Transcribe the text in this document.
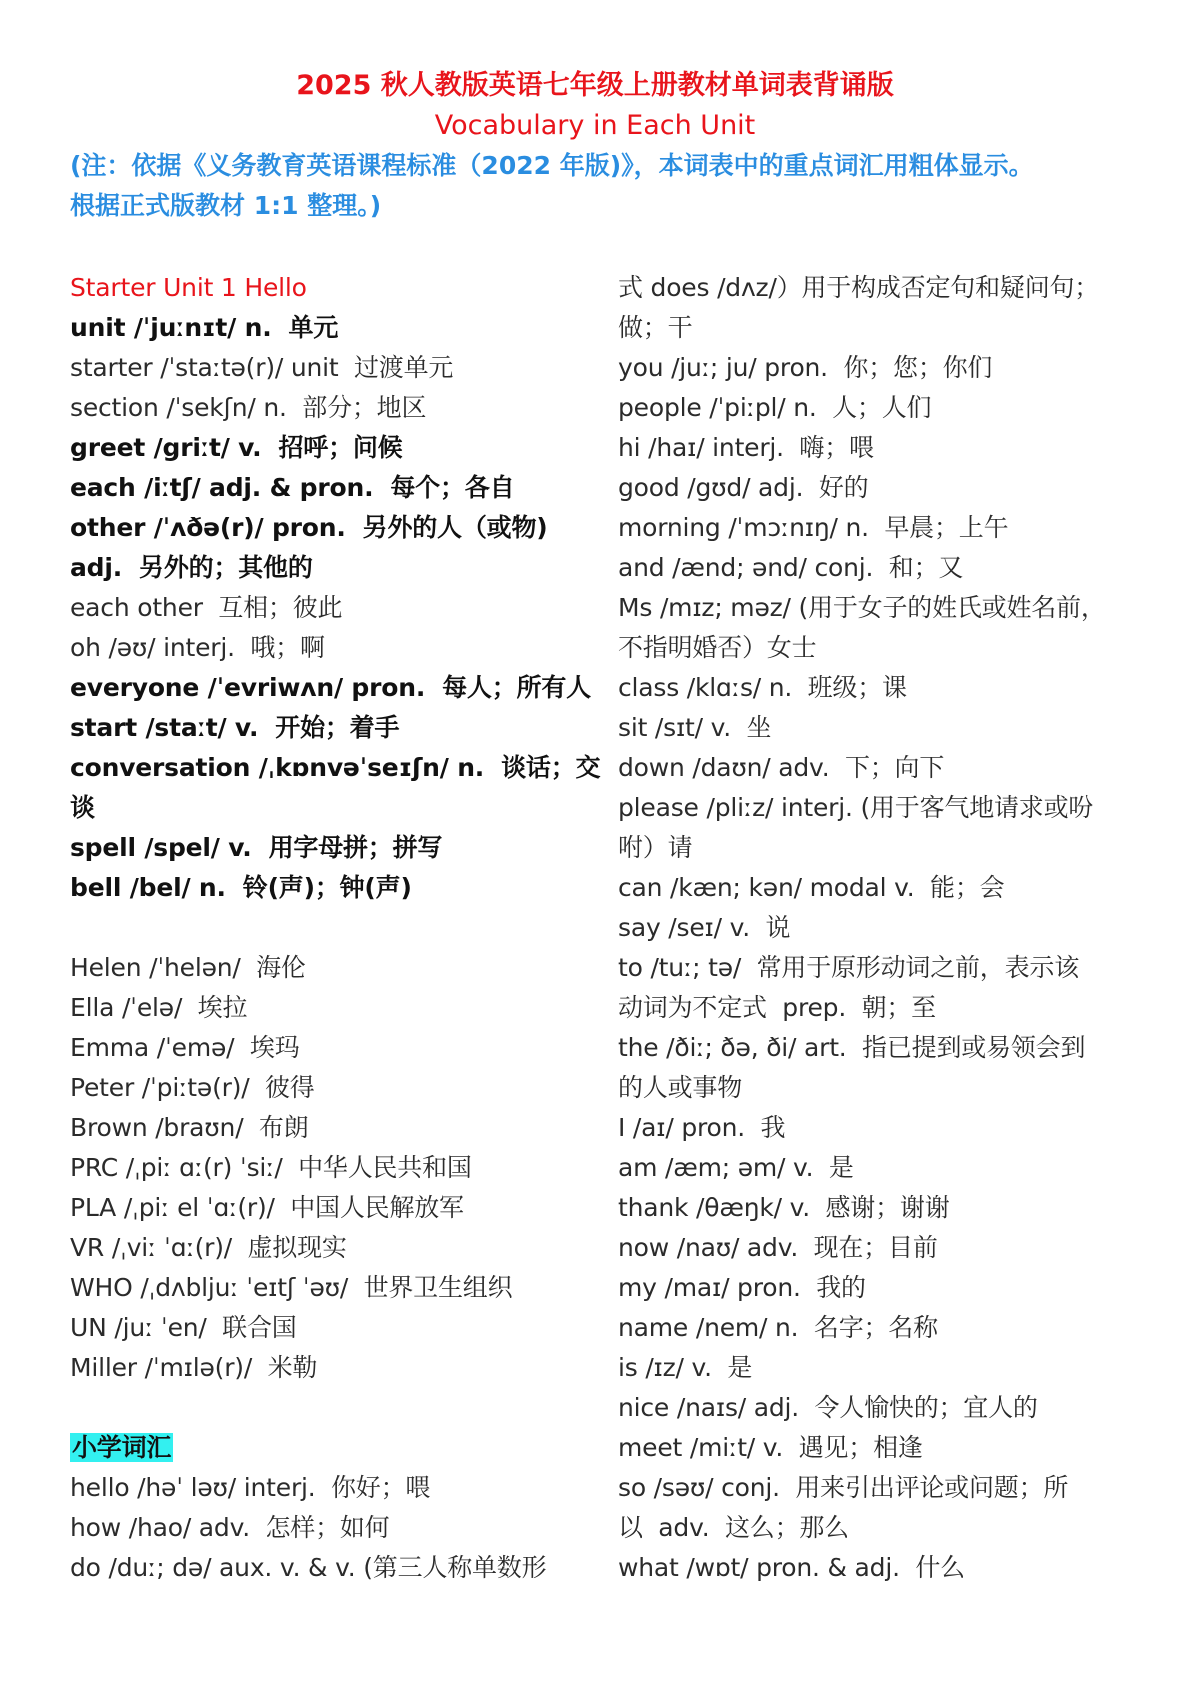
2025 秋人教版英语七年级上册教材单词表背诵版
Vocabulary in Each Unit
(注：依据《义务教育英语课程标准（2022 年版)》，本词表中的重点词汇用粗体显示。
根据正式版教材 1:1 整理。)
Starter Unit 1 Hello
unit /ˈjuːnɪt/ n.  单元
starter /ˈstaːtə(r)/ unit  过渡单元
section /ˈsekʃn/ n.  部分；地区
greet /griːt/ v.  招呼；问候
each /iːtʃ/ adj. & pron.  每个；各自
other /ˈʌðə(r)/ pron.  另外的人（或物)
adj.  另外的；其他的
each other  互相；彼此
oh /əʊ/ interj.  哦；啊
everyone /ˈevriwʌn/ pron.  每人；所有人
start /staːt/ v.  开始；着手
conversation /ˌkɒnvəˈseɪʃn/ n.  谈话；交
谈
spell /spel/ v.  用字母拼；拼写
bell /bel/ n.  铃(声)；钟(声)
Helen /ˈhelən/  海伦
Ella /ˈelə/  埃拉
Emma /ˈemə/  埃玛
Peter /ˈpiːtə(r)/  彼得
Brown /braʊn/  布朗
PRC /ˌpiː ɑː(r) ˈsiː/  中华人民共和国
PLA /ˌpiː el ˈɑː(r)/  中国人民解放军
VR /ˌviː ˈɑː(r)/  虚拟现实
WHO /ˌdʌbljuː ˈeɪtʃ ˈəʊ/  世界卫生组织
UN /juː ˈen/  联合国
Miller /ˈmɪlə(r)/  米勒
小学词汇
hello /həˈ ləʊ/ interj.  你好；喂
how /hao/ adv.  怎样；如何
do /duː; də/ aux. v. & v. (第三人称单数形
式 does /dʌz/）用于构成否定句和疑问句；
做；干
you /juː; ju/ pron.  你；您；你们
people /ˈpiːpl/ n.  人；人们
hi /haɪ/ interj.  嗨；喂
good /gʊd/ adj.  好的
morning /ˈmɔːnɪŋ/ n.  早晨；上午
and /ænd; ənd/ conj.  和；又
Ms /mɪz; məz/ (用于女子的姓氏或姓名前，
不指明婚否）女士
class /klɑːs/ n.  班级；课
sit /sɪt/ v.  坐
down /daʊn/ adv.  下；向下
please /pliːz/ interj. (用于客气地请求或吩
咐）请
can /kæn; kən/ modal v.  能；会
say /seɪ/ v.  说
to /tuː; tə/  常用于原形动词之前，表示该
动词为不定式  prep.  朝；至
the /ðiː; ðə, ði/ art.  指已提到或易领会到
的人或事物
I /aɪ/ pron.  我
am /æm; əm/ v.  是
thank /θæŋk/ v.  感谢；谢谢
now /naʊ/ adv.  现在；目前
my /maɪ/ pron.  我的
name /nem/ n.  名字；名称
is /ɪz/ v.  是
nice /naɪs/ adj.  令人愉快的；宜人的
meet /miːt/ v.  遇见；相逢
so /səʊ/ conj.  用来引出评论或问题；所
以  adv.  这么；那么
what /wɒt/ pron. & adj.  什么
